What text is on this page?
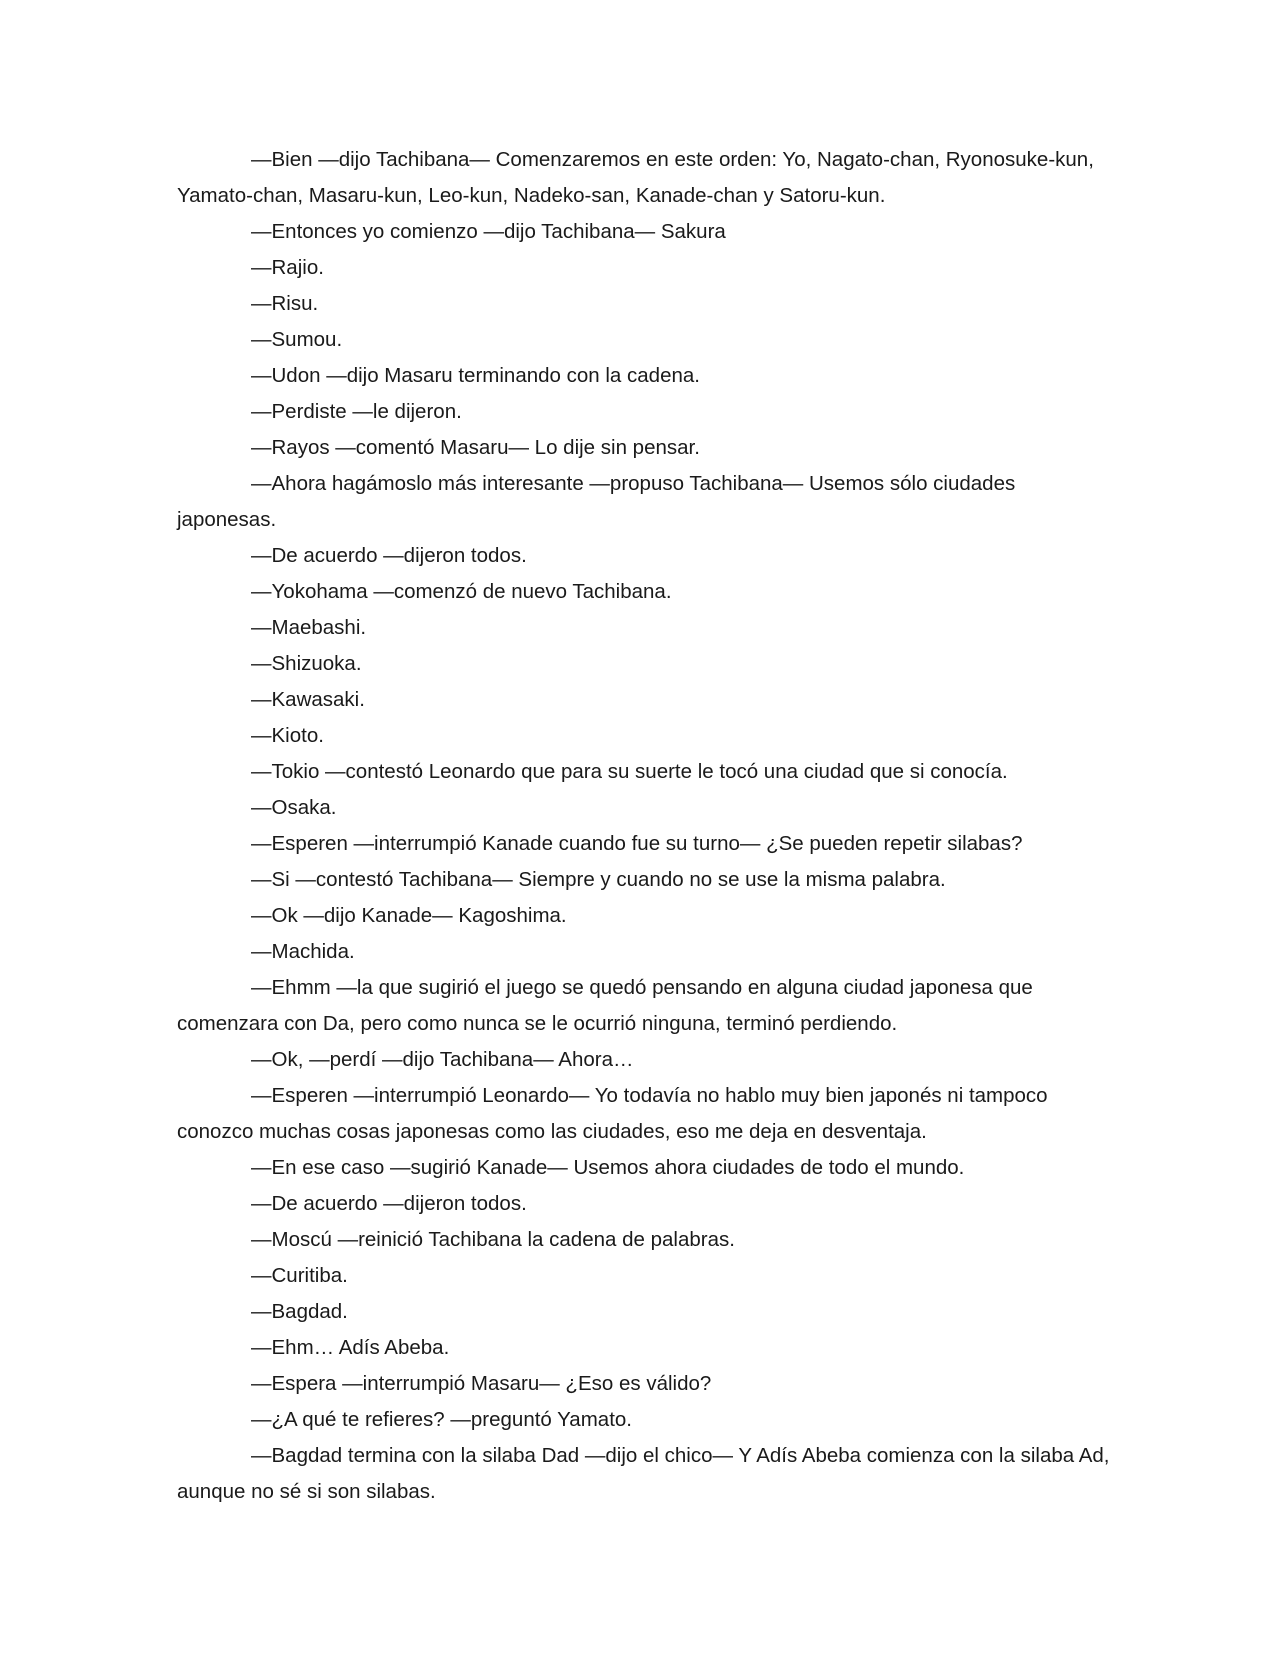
—Bien —dijo Tachibana— Comenzaremos en este orden: Yo, Nagato-chan, Ryonosuke-kun, Yamato-chan, Masaru-kun, Leo-kun, Nadeko-san, Kanade-chan y Satoru-kun.

—Entonces yo comienzo —dijo Tachibana— Sakura

—Rajio.

—Risu.

—Sumou.

—Udon —dijo Masaru terminando con la cadena.

—Perdiste —le dijeron.

—Rayos —comentó Masaru— Lo dije sin pensar.

—Ahora hagámoslo más interesante —propuso Tachibana— Usemos sólo ciudades japonesas.

—De acuerdo —dijeron todos.

—Yokohama —comenzó de nuevo Tachibana.

—Maebashi.

—Shizuoka.

—Kawasaki.

—Kioto.

—Tokio —contestó Leonardo que para su suerte le tocó una ciudad que si conocía.

—Osaka.

—Esperen —interrumpió Kanade cuando fue su turno— ¿Se pueden repetir silabas?

—Si —contestó Tachibana— Siempre y cuando no se use la misma palabra.

—Ok —dijo Kanade— Kagoshima.

—Machida.

—Ehmm —la que sugirió el juego se quedó pensando en alguna ciudad japonesa que comenzara con Da, pero como nunca se le ocurrió ninguna, terminó perdiendo.

—Ok, —perdí —dijo Tachibana— Ahora…

—Esperen —interrumpió Leonardo— Yo todavía no hablo muy bien japonés ni tampoco conozco muchas cosas japonesas como las ciudades, eso me deja en desventaja.

—En ese caso —sugirió Kanade— Usemos ahora ciudades de todo el mundo.

—De acuerdo —dijeron todos.

—Moscú —reinició Tachibana la cadena de palabras.

—Curitiba.

—Bagdad.

—Ehm… Adís Abeba.

—Espera —interrumpió Masaru— ¿Eso es válido?

—¿A qué te refieres? —preguntó Yamato.

—Bagdad termina con la silaba Dad —dijo el chico— Y Adís Abeba comienza con la silaba Ad, aunque no sé si son silabas.
